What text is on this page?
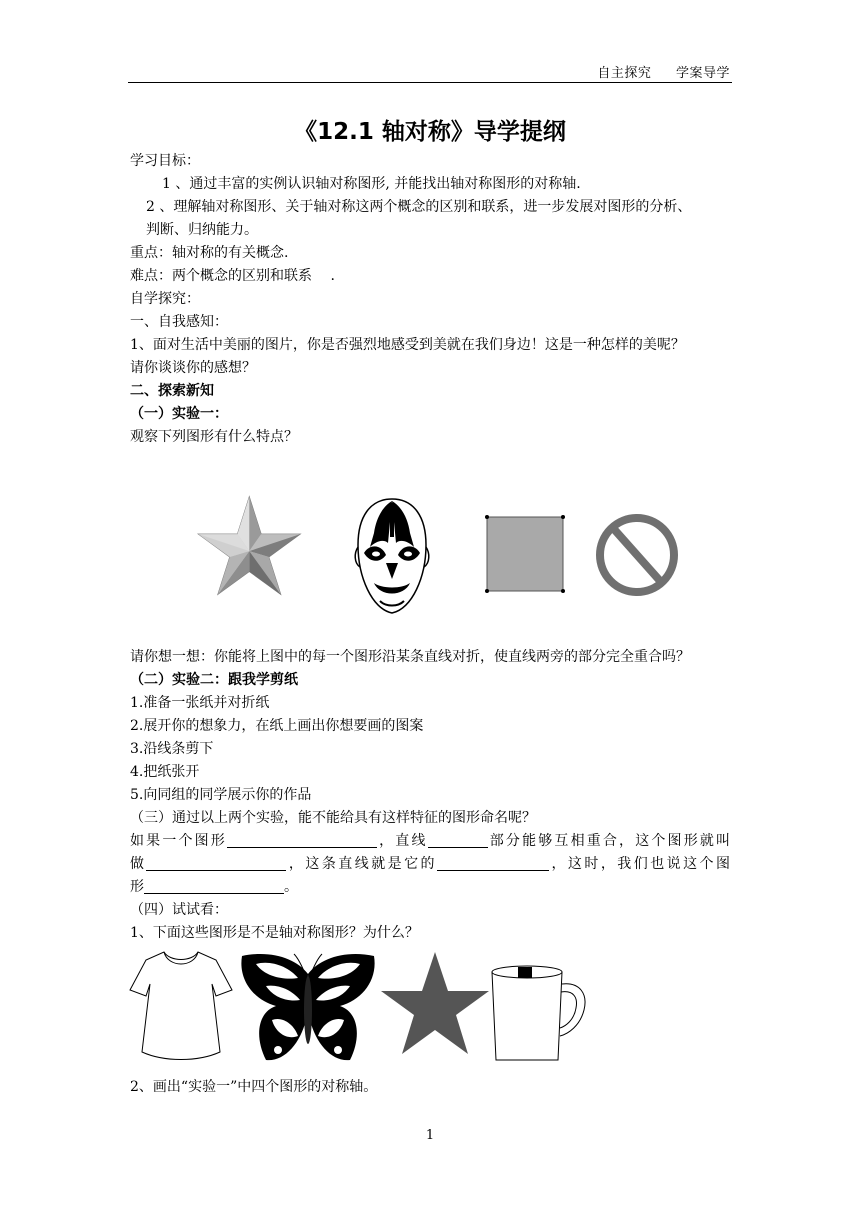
自主探究 学案导学
《12.1 轴对称》导学提纲
学习目标：
1 、通过丰富的实例认识轴对称图形, 并能找出轴对称图形的对称轴.
2 、理解轴对称图形、关于轴对称这两个概念的区别和联系，进一步发展对图形的分析、
判断、归纳能力。
重点：轴对称的有关概念.
难点：两个概念的区别和联系　 .
自学探究：
一、自我感知：
1、面对生活中美丽的图片，你是否强烈地感受到美就在我们身边！这是一种怎样的美呢？
请你谈谈你的感想？
二、探索新知
（一）实验一：
观察下列图形有什么特点？
请你想一想：你能将上图中的每一个图形沿某条直线对折，使直线两旁的部分完全重合吗？
（二）实验二：跟我学剪纸
1.准备一张纸并对折纸
2.展开你的想象力，在纸上画出你想要画的图案
3.沿线条剪下
4.把纸张开
5.向同组的同学展示你的作品
（三）通过以上两个实验，能不能给具有这样特征的图形命名呢？
如果一个图形	，直线	部分能够互相重合，这个图形就叫
做	，这条直线就是它的	，这时，我们也说这个图
形	。
（四）试试看：
1、下面这些图形是不是轴对称图形？为什么？
2、画出“实验一”中四个图形的对称轴。
1
